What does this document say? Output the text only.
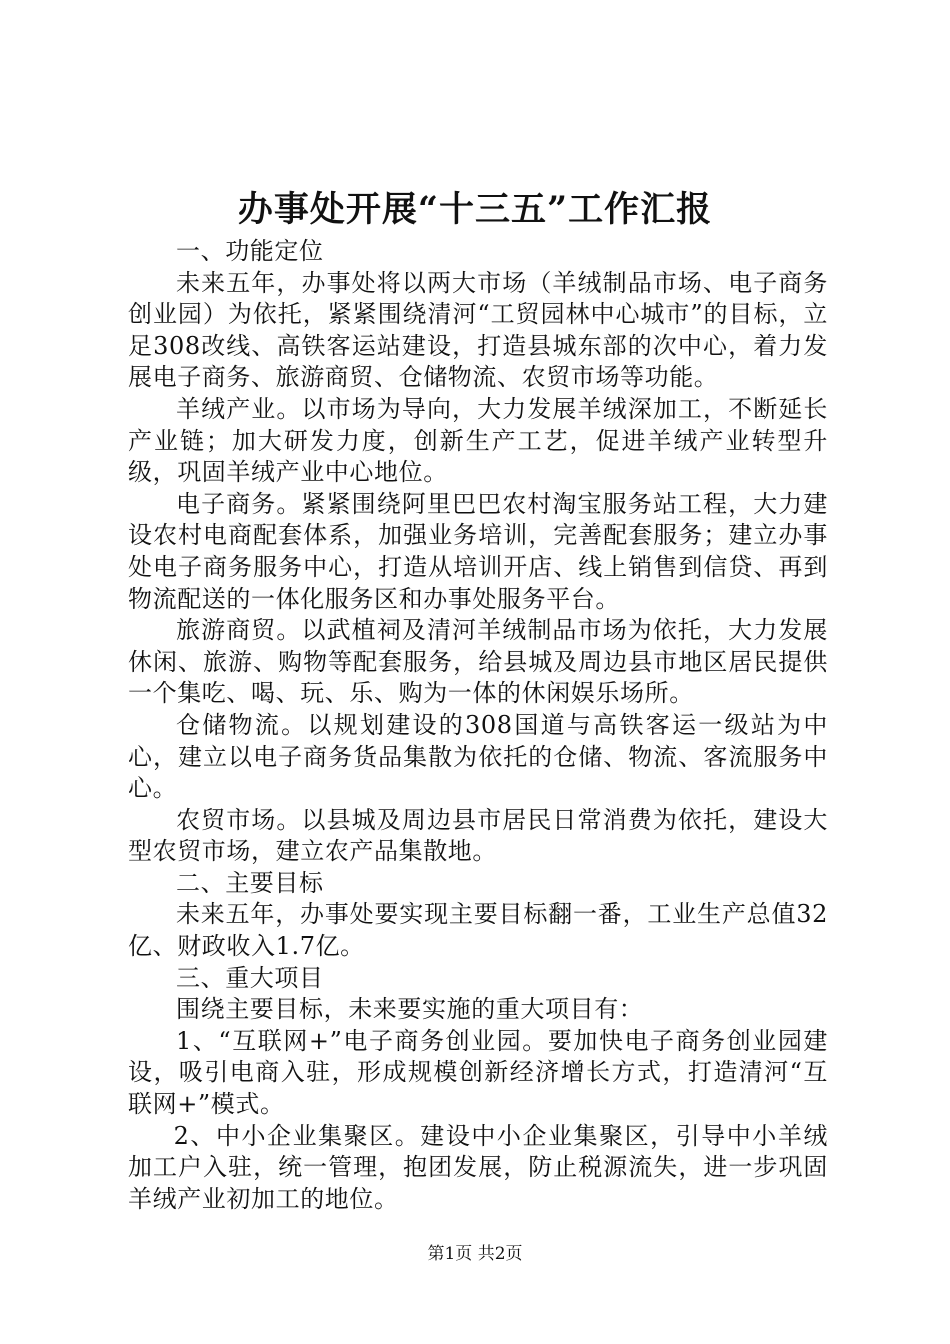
办事处开展“十三五”工作汇报

一、功能定位

未来五年，办事处将以两大市场（羊绒制品市场、电子商务创业园）为依托，紧紧围绕清河“工贸园林中心城市”的目标，立足308改线、高铁客运站建设，打造县城东部的次中心，着力发展电子商务、旅游商贸、仓储物流、农贸市场等功能。

羊绒产业。以市场为导向，大力发展羊绒深加工，不断延长产业链；加大研发力度，创新生产工艺，促进羊绒产业转型升级，巩固羊绒产业中心地位。

电子商务。紧紧围绕阿里巴巴农村淘宝服务站工程，大力建设农村电商配套体系，加强业务培训，完善配套服务；建立办事处电子商务服务中心，打造从培训开店、线上销售到信贷、再到物流配送的一体化服务区和办事处服务平台。

旅游商贸。以武植祠及清河羊绒制品市场为依托，大力发展休闲、旅游、购物等配套服务，给县城及周边县市地区居民提供一个集吃、喝、玩、乐、购为一体的休闲娱乐场所。

仓储物流。以规划建设的308国道与高铁客运一级站为中心，建立以电子商务货品集散为依托的仓储、物流、客流服务中心。

农贸市场。以县城及周边县市居民日常消费为依托，建设大型农贸市场，建立农产品集散地。

二、主要目标

未来五年，办事处要实现主要目标翻一番，工业生产总值32亿、财政收入1.7亿。

三、重大项目

围绕主要目标，未来要实施的重大项目有：

1、“互联网+”电子商务创业园。要加快电子商务创业园建设，吸引电商入驻，形成规模创新经济增长方式，打造清河“互联网+”模式。

2、中小企业集聚区。建设中小企业集聚区，引导中小羊绒加工户入驻，统一管理，抱团发展，防止税源流失，进一步巩固羊绒产业初加工的地位。

第1页 共2页
